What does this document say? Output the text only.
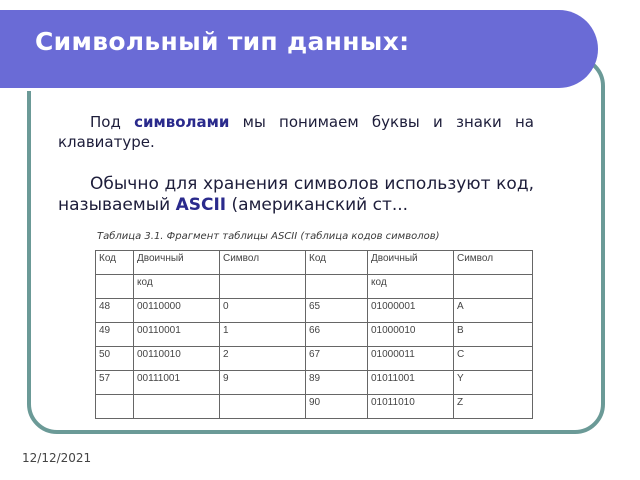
Символьный тип данных:

Под символами мы понимаем буквы и знаки на клавиатуре.

Обычно для хранения символов используют код, называемый ASCII (американский ст...

Таблица 3.1. Фрагмент таблицы ASCII (таблица кодов символов)

Код	Двоичный	Символ	Код	Двоичный	Символ
	код			код	
48	00110000	0	65	01000001	A
49	00110001	1	66	01000010	B
50	00110010	2	67	01000011	C
57	00111001	9	89	01011001	Y
			90	01011010	Z
12/12/2021
